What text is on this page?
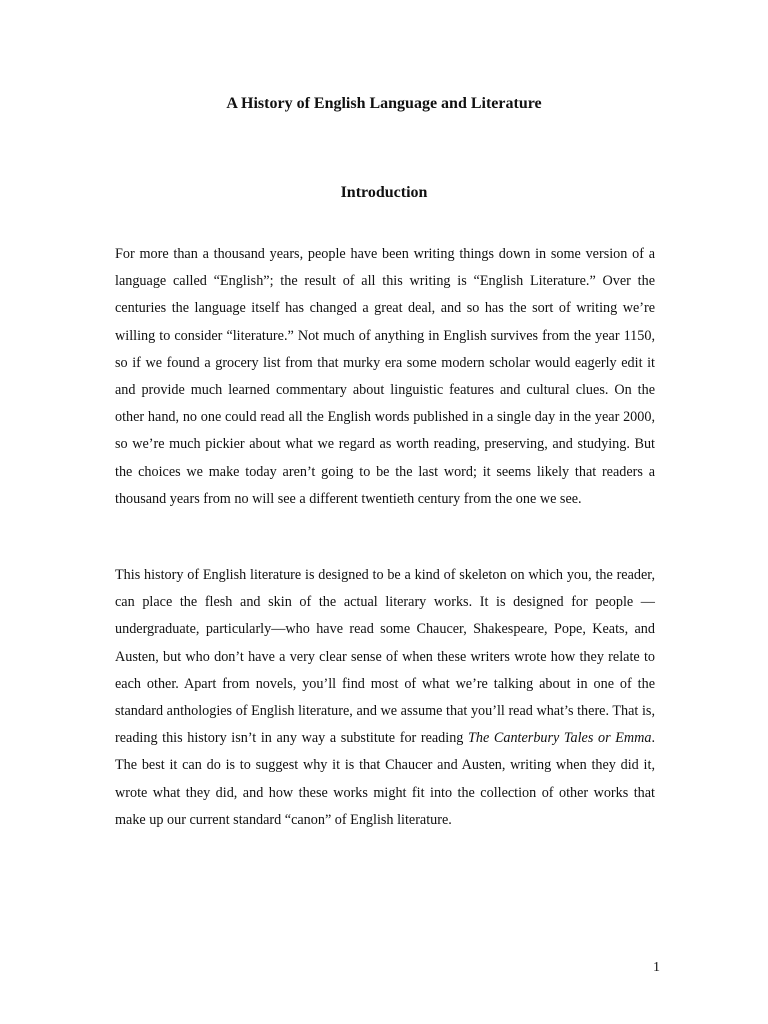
A History of English Language and Literature
Introduction

For more than a thousand years, people have been writing things down in some version of a language called “English”; the result of all this writing is “English Literature.” Over the centuries the language itself has changed a great deal, and so has the sort of writing we’re willing to consider “literature.” Not much of anything in English survives from the year 1150, so if we found a grocery list from that murky era some modern scholar would eagerly edit it and provide much learned commentary about linguistic features and cultural clues. On the other hand, no one could read all the English words published in a single day in the year 2000, so we’re much pickier about what we regard as worth reading, preserving, and studying. But the choices we make today aren’t going to be the last word; it seems likely that readers a thousand years from no will see a different twentieth century from the one we see.

This history of English literature is designed to be a kind of skeleton on which you, the reader, can place the flesh and skin of the actual literary works. It is designed for people —undergraduate, particularly—who have read some Chaucer, Shakespeare, Pope, Keats, and Austen, but who don’t have a very clear sense of when these writers wrote how they relate to each other. Apart from novels, you’ll find most of what we’re talking about in one of the standard anthologies of English literature, and we assume that you’ll read what’s there. That is, reading this history isn’t in any way a substitute for reading The Canterbury Tales or Emma. The best it can do is to suggest why it is that Chaucer and Austen, writing when they did it, wrote what they did, and how these works might fit into the collection of other works that make up our current standard “canon” of English literature.

1
